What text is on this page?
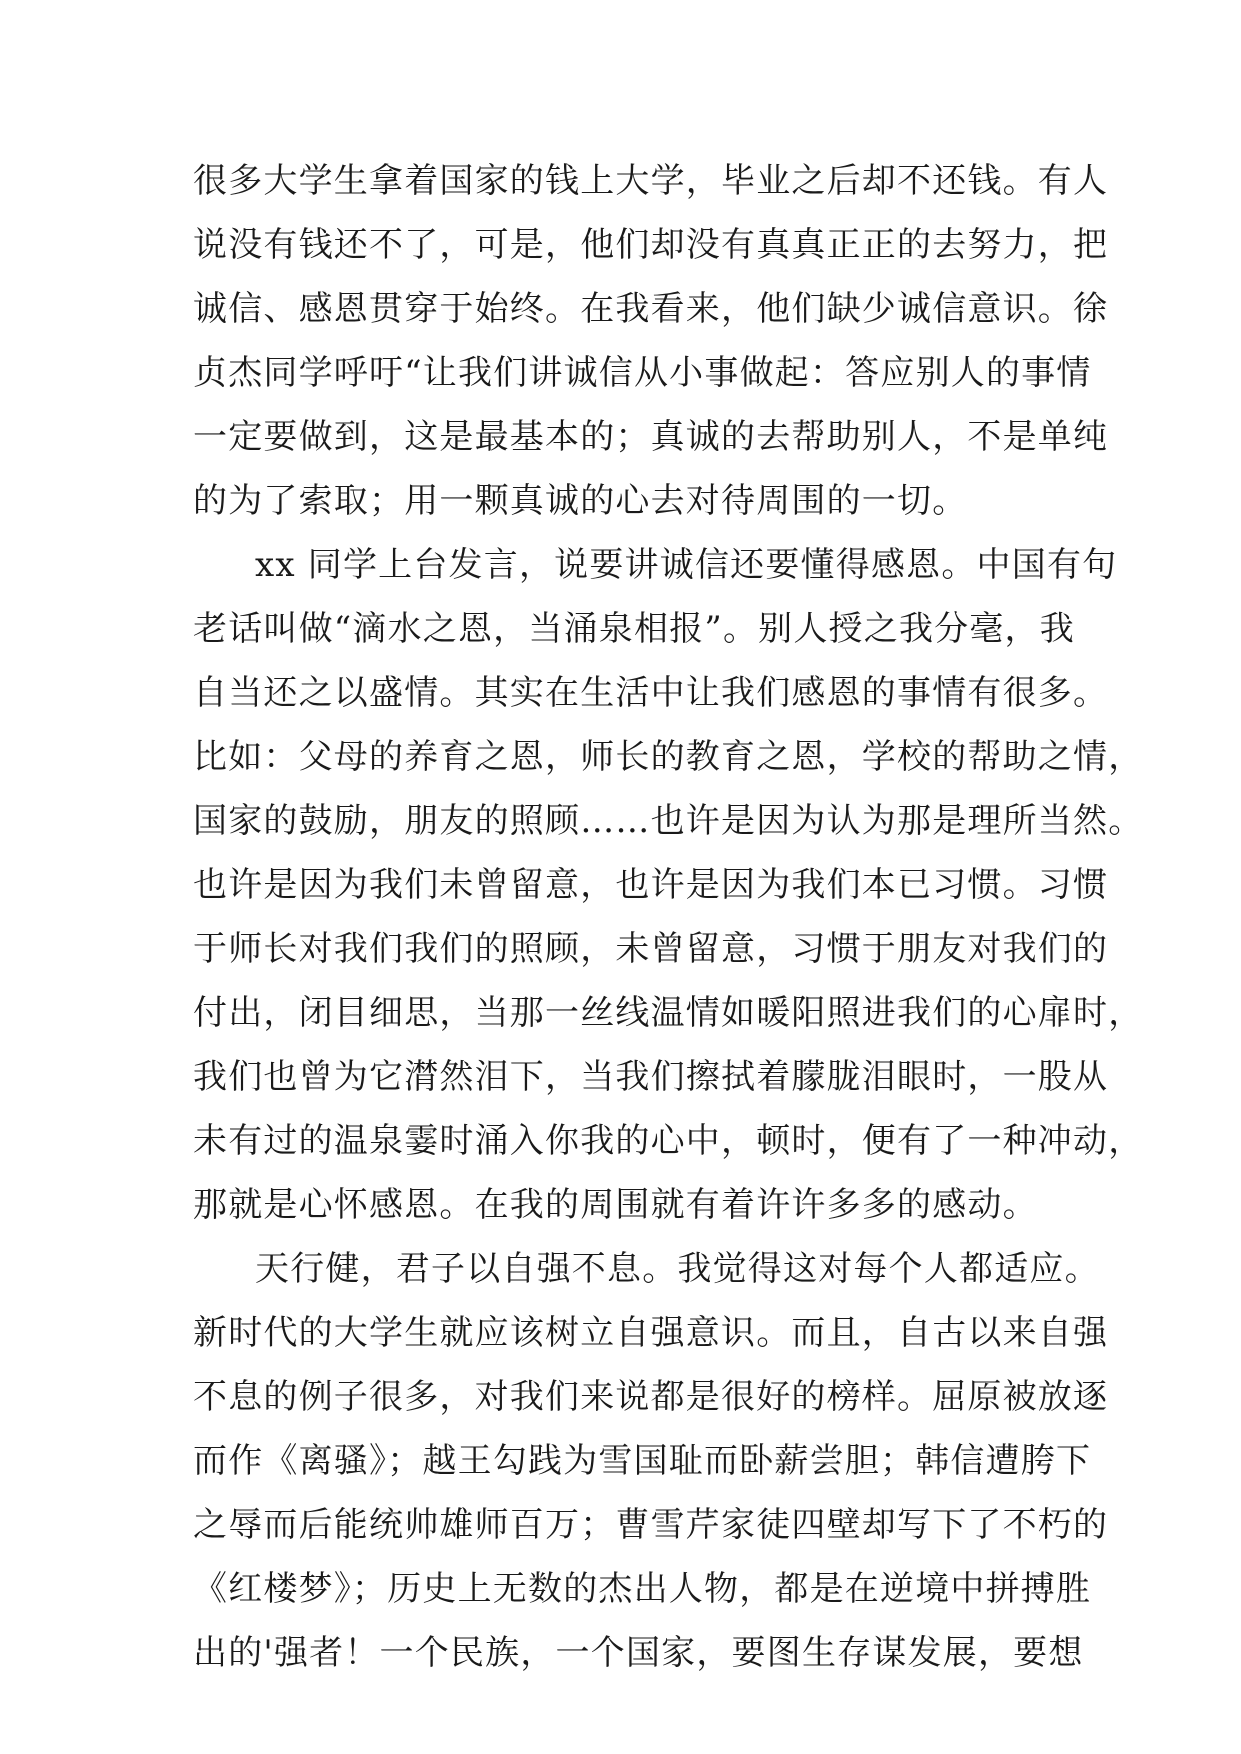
很多大学生拿着国家的钱上大学，毕业之后却不还钱。有人
说没有钱还不了，可是，他们却没有真真正正的去努力，把
诚信、感恩贯穿于始终。在我看来，他们缺少诚信意识。徐
贞杰同学呼吁“让我们讲诚信从小事做起：答应别人的事情
一定要做到，这是最基本的；真诚的去帮助别人，不是单纯
的为了索取；用一颗真诚的心去对待周围的一切。
xx 同学上台发言，说要讲诚信还要懂得感恩。中国有句
老话叫做“滴水之恩，当涌泉相报”。别人授之我分毫，我
自当还之以盛情。其实在生活中让我们感恩的事情有很多。
比如：父母的养育之恩，师长的教育之恩，学校的帮助之情，
国家的鼓励，朋友的照顾……也许是因为认为那是理所当然。
也许是因为我们未曾留意，也许是因为我们本已习惯。习惯
于师长对我们我们的照顾，未曾留意，习惯于朋友对我们的
付出，闭目细思，当那一丝线温情如暖阳照进我们的心扉时，
我们也曾为它潸然泪下，当我们擦拭着朦胧泪眼时，一股从
未有过的温泉霎时涌入你我的心中，顿时，便有了一种冲动，
那就是心怀感恩。在我的周围就有着许许多多的感动。
天行健，君子以自强不息。我觉得这对每个人都适应。
新时代的大学生就应该树立自强意识。而且，自古以来自强
不息的例子很多，对我们来说都是很好的榜样。屈原被放逐
而作《离骚》；越王勾践为雪国耻而卧薪尝胆；韩信遭胯下
之辱而后能统帅雄师百万；曹雪芹家徒四壁却写下了不朽的
《红楼梦》；历史上无数的杰出人物，都是在逆境中拼搏胜
出的'强者！一个民族，一个国家，要图生存谋发展，要想
